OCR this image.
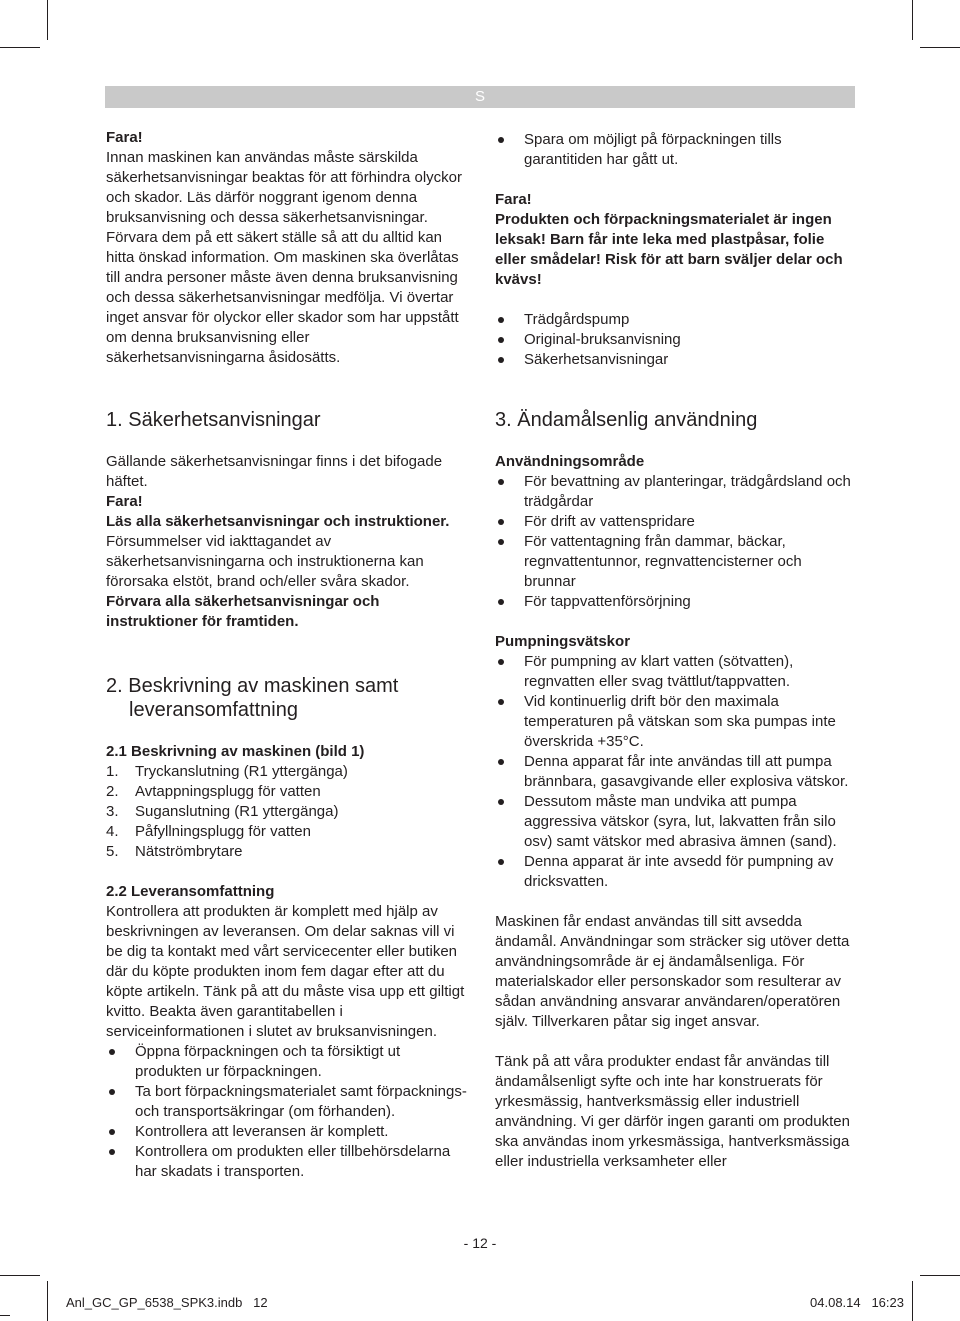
S

Fara!

Innan maskinen kan användas måste särskilda säkerhetsanvisningar beaktas för att förhindra olyckor och skador. Läs därför noggrant igenom denna bruksanvisning och dessa säkerhetsanvisningar. Förvara dem på ett säkert ställe så att du alltid kan hitta önskad information. Om maskinen ska överlåtas till andra personer måste även denna bruksanvisning och dessa säkerhetsanvisningar medfölja. Vi övertar inget ansvar för olyckor eller skador som har uppstått om denna bruksanvisning eller säkerhetsanvisningarna åsidosätts.

Spara om möjligt på förpackningen tills garantitiden har gått ut.

Fara!

Produkten och förpackningsmaterialet är ingen leksak! Barn får inte leka med plastpåsar, folie eller smådelar! Risk för att barn sväljer delar och kvävs!

Trädgårdspump
Original-bruksanvisning
Säkerhetsanvisningar
1. Säkerhetsanvisningar

Gällande säkerhetsanvisningar finns i det bifogade häftet.

Fara!

Läs alla säkerhetsanvisningar och instruktioner. Försummelser vid iakttagandet av säkerhetsanvisningarna och instruktionerna kan förorsaka elstöt, brand och/eller svåra skador. Förvara alla säkerhetsanvisningar och instruktioner för framtiden.

2. Beskrivning av maskinen samt leveransomfattning

2.1 Beskrivning av maskinen (bild 1)

1. Tryckanslutning (R1 yttergänga)
2. Avtappningsplugg för vatten
3. Suganslutning (R1 yttergänga)
4. Påfyllningsplugg för vatten
5. Nätströmbrytare

2.2 Leveransomfattning

Kontrollera att produkten är komplett med hjälp av beskrivningen av leveransen. Om delar saknas vill vi be dig ta kontakt med vårt servicecenter eller butiken där du köpte produkten inom fem dagar efter att du köpte artikeln. Tänk på att du måste visa upp ett giltigt kvitto. Beakta även garantitabellen i serviceinformationen i slutet av bruksanvisningen.

Öppna förpackningen och ta försiktigt ut produkten ur förpackningen.
Ta bort förpackningsmaterialet samt förpacknings- och transportsäkringar (om förhanden).
Kontrollera att leveransen är komplett.
Kontrollera om produkten eller tillbehörsdelarna har skadats i transporten.
3. Ändamålsenlig användning

Användningsområde

För bevattning av planteringar, trädgårdsland och trädgårdar
För drift av vattenspridare
För vattentagning från dammar, bäckar, regnvattentunnor, regnvattencisterner och brunnar
För tappvattenförsörjning

Pumpningsvätskor

För pumpning av klart vatten (sötvatten), regnvatten eller svag tvättlut/tappvatten.
Vid kontinuerlig drift bör den maximala temperaturen på vätskan som ska pumpas inte överskrida +35°C.
Denna apparat får inte användas till att pumpa brännbara, gasavgivande eller explosiva vätskor.
Dessutom måste man undvika att pumpa aggressiva vätskor (syra, lut, lakvatten från silo osv) samt vätskor med abrasiva ämnen (sand).
Denna apparat är inte avsedd för pumpning av dricksvatten.

Maskinen får endast användas till sitt avsedda ändamål. Användningar som sträcker sig utöver detta användningsområde är ej ändamålsenliga. För materialskador eller personskador som resulterar av sådan användning ansvarar användaren/operatören själv. Tillverkaren påtar sig inget ansvar.

Tänk på att våra produkter endast får användas till ändamålsenligt syfte och inte har konstruerats för yrkesmässig, hantverksmässig eller industriell användning. Vi ger därför ingen garanti om produkten ska användas inom yrkesmässiga, hantverksmässiga eller industriella verksamheter eller

- 12 -
Anl_GC_GP_6538_SPK3.indb   12	04.08.14   16:23
